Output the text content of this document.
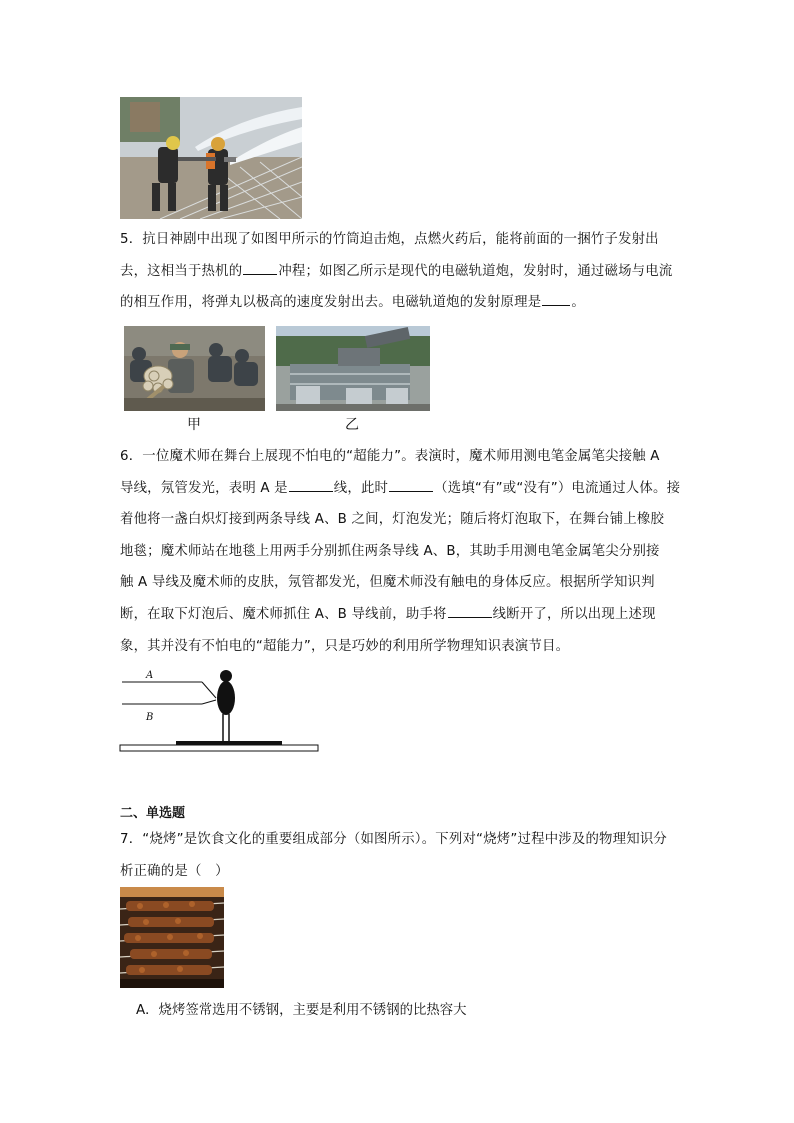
5．抗日神剧中出现了如图甲所示的竹筒迫击炮，点燃火药后，能将前面的一捆竹子发射出

去，这相当于热机的	冲程；如图乙所示是现代的电磁轨道炮，发射时，通过磁场与电流

的相互作用，将弹丸以极高的速度发射出去。电磁轨道炮的发射原理是 。

甲	乙

6．一位魔术师在舞台上展现不怕电的“超能力”。表演时，魔术师用测电笔金属笔尖接触 A

导线，氖管发光，表明 A 是	线，此时	（选填“有”或“没有”）电流通过人体。接

着他将一盏白炽灯接到两条导线 A、B 之间，灯泡发光；随后将灯泡取下，在舞台铺上橡胶

地毯；魔术师站在地毯上用两手分别抓住两条导线 A、B，其助手用测电笔金属笔尖分别接

触 A 导线及魔术师的皮肤，氖管都发光，但魔术师没有触电的身体反应。根据所学知识判

断，在取下灯泡后、魔术师抓住 A、B 导线前，助手将	线断开了，所以出现上述现

象，其并没有不怕电的“超能力”，只是巧妙的利用所学物理知识表演节目。

A
B
二、单选题

7．“烧烤”是饮食文化的重要组成部分（如图所示）。下列对“烧烤”过程中涉及的物理知识分

析正确的是（　）

A．烧烤签常选用不锈钢，主要是利用不锈钢的比热容大
